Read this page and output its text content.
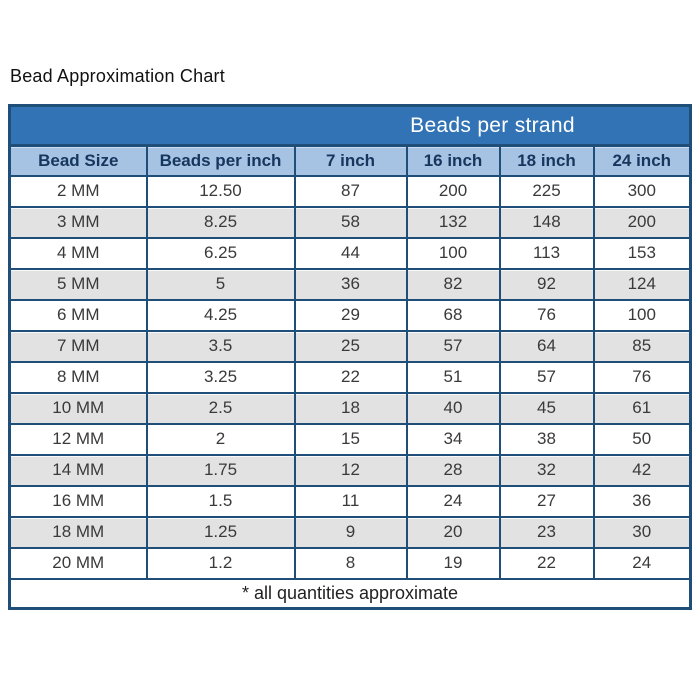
Bead Approximation Chart
Beads per strand					

Bead Size	Beads per inch	7 inch	16 inch	18 inch	24 inch
2 MM	12.50	87	200	225	300
3 MM	8.25	58	132	148	200
4 MM	6.25	44	100	113	153
5 MM	5	36	82	92	124
6 MM	4.25	29	68	76	100
7 MM	3.5	25	57	64	85
8 MM	3.25	22	51	57	76
10 MM	2.5	18	40	45	61
12 MM	2	15	34	38	50
14 MM	1.75	12	28	32	42
16 MM	1.5	11	24	27	36
18 MM	1.25	9	20	23	30
20 MM	1.2	8	19	22	24
* all quantities approximate					
